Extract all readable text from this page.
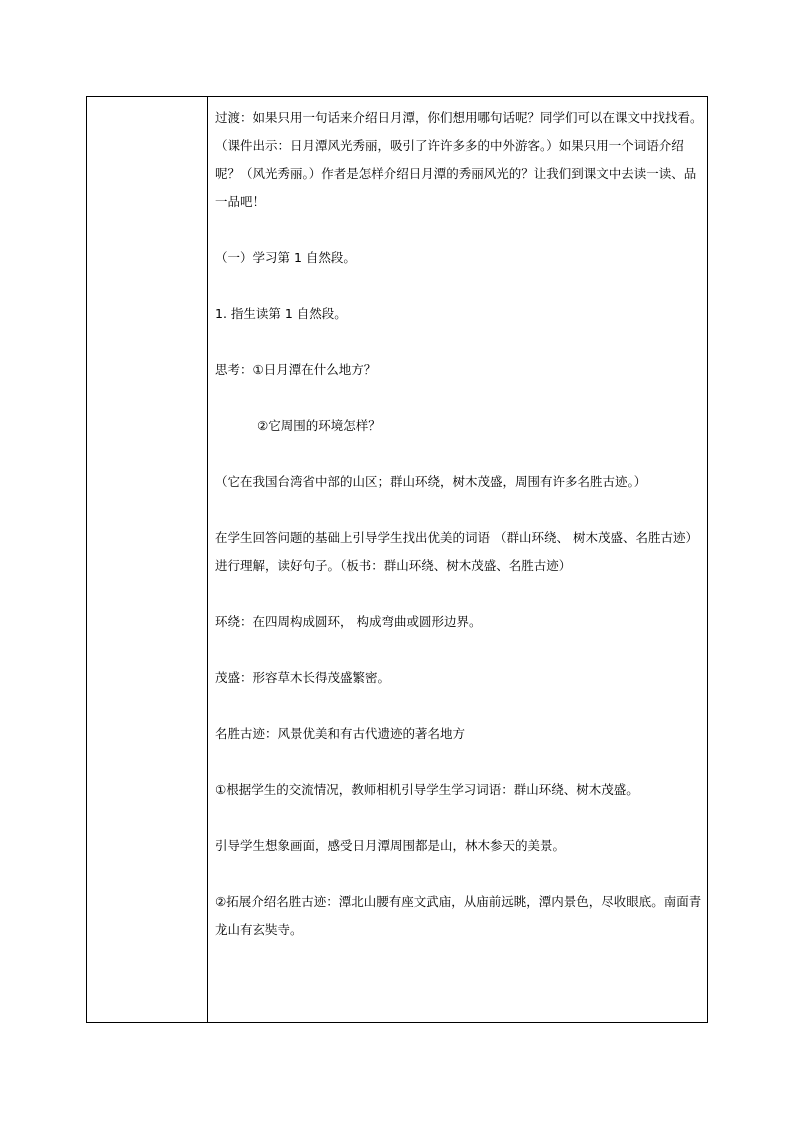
过渡：如果只用一句话来介绍日月潭，你们想用哪句话呢？同学们可以在课文中找找看。 （课件出示：日月潭风光秀丽，吸引了许许多多的中外游客。）如果只用一个词语介绍呢？（风光秀丽。）作者是怎样介绍日月潭的秀丽风光的？让我们到课文中去读一读、品一品吧！

（一）学习第 1 自然段。

1. 指生读第 1 自然段。

思考：①日月潭在什么地方？

②它周围的环境怎样？

（它在我国台湾省中部的山区；群山环绕，树木茂盛，周围有许多名胜古迹。）

在学生回答问题的基础上引导学生找出优美的词语 （群山环绕、 树木茂盛、名胜古迹）进行理解，读好句子。（板书：群山环绕、树木茂盛、名胜古迹）

环绕：在四周构成圆环， 构成弯曲或圆形边界。

茂盛：形容草木长得茂盛繁密。

名胜古迹：风景优美和有古代遗迹的著名地方

①根据学生的交流情况，教师相机引导学生学习词语：群山环绕、树木茂盛。

引导学生想象画面，感受日月潭周围都是山，林木参天的美景。

②拓展介绍名胜古迹：潭北山腰有座文武庙，从庙前远眺，潭内景色，尽收眼底。南面青龙山有玄奘寺。
